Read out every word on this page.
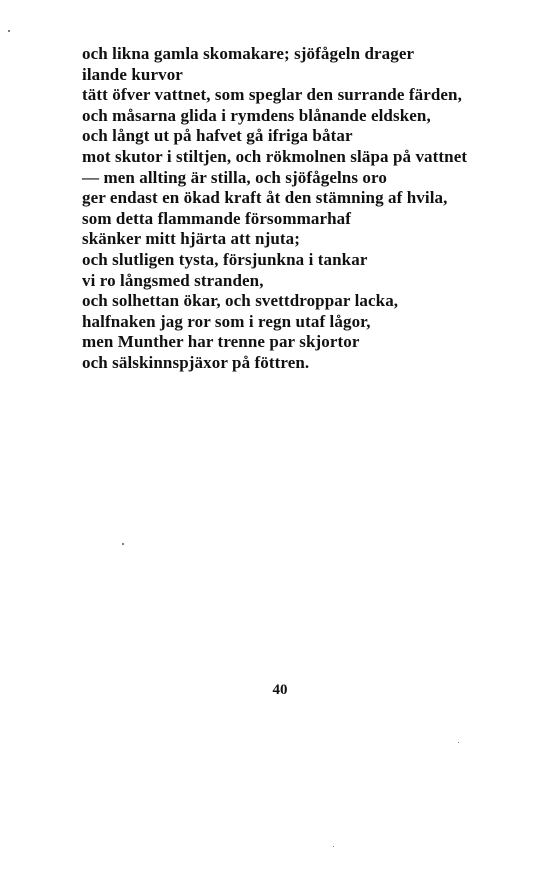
och likna gamla skomakare; sjöfågeln drager
ilande kurvor
tätt öfver vattnet, som speglar den surrande färden,
och måsarna glida i rymdens blånande eldsken,
och långt ut på hafvet gå ifriga båtar
mot skutor i stiltjen, och rökmolnen släpa på vattnet
— men allting är stilla, och sjöfågelns oro
ger endast en ökad kraft åt den stämning af hvila,
som detta flammande försommarhaf
skänker mitt hjärta att njuta;
och slutligen tysta, försjunkna i tankar
vi ro långsmed stranden,
och solhettan ökar, och svettdroppar lacka,
halfnaken jag ror som i regn utaf lågor,
men Munther har trenne par skjortor
och sälskinnspjäxor på föttren.
40
